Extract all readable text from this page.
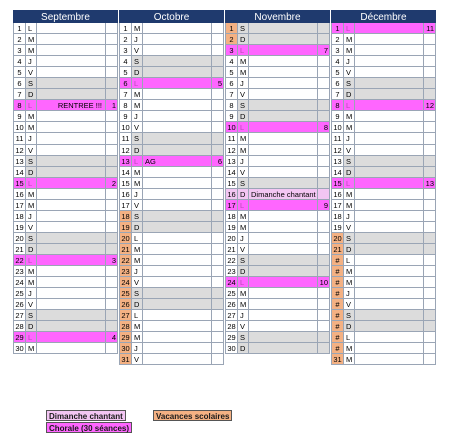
Septembre
1 L
2 M
3 M
4 J
5 V
6 S
7 D
8 L	RENTREE !!!	1
9 M
10 M
11 J
12 V
13 S
14 D
15 L	2
16 M
17 M
18 J
19 V
20 S
21 D
22 L	3
23 M
24 M
25 J
26 V
27 S
28 D
29 L	4
30 M
Octobre
1 M
2 J
3 V
4 S
5 D
6 L	5
7 M
8 M
9 J
10 V
11 S
12 D
13 L AG	6
14 M
15 M
16 J
17 V
18 S
19 D
20 L
21 M
22 M
23 J
24 V
25 S
26 D
27 L
28 M
29 M
30 J
31 V
Novembre
1 S
2 D
3 L	7
4 M
5 M
6 J
7 V
8 S
9 D
10 L	8
11 M
12 M
13 J
14 V
15 S
16 D Dimanche chantant
17 L	9
18 M
19 M
20 J
21 V
22 S
23 D
24 L	10
25 M
26 M
27 J
28 V
29 S
30 D
Décembre
1 L	11
2 M
3 M
4 J
5 V
6 S
7 D
8 L	12
9 M
10 M
11 J
12 V
13 S
14 D
15 L	13
16 M
17 M
18 J
19 V
20 S
21 D
# L
# M
# M
# J
# V
# S
# D
# L
# M
31 M
Dimanche chantant
Chorale (30 séances)
Vacances scolaires
